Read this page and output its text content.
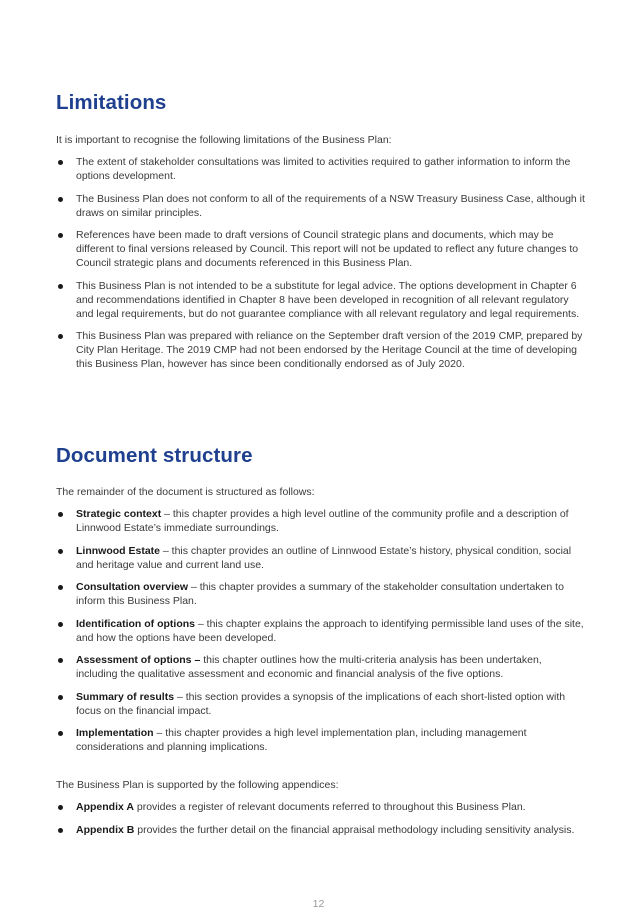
Limitations

It is important to recognise the following limitations of the Business Plan:

The extent of stakeholder consultations was limited to activities required to gather information to inform the options development.
The Business Plan does not conform to all of the requirements of a NSW Treasury Business Case, although it draws on similar principles.
References have been made to draft versions of Council strategic plans and documents, which may be different to final versions released by Council. This report will not be updated to reflect any future changes to Council strategic plans and documents referenced in this Business Plan.
This Business Plan is not intended to be a substitute for legal advice. The options development in Chapter 6 and recommendations identified in Chapter 8 have been developed in recognition of all relevant regulatory and legal requirements, but do not guarantee compliance with all relevant regulatory and legal requirements.
This Business Plan was prepared with reliance on the September draft version of the 2019 CMP, prepared by City Plan Heritage. The 2019 CMP had not been endorsed by the Heritage Council at the time of developing this Business Plan, however has since been conditionally endorsed as of July 2020.
Document structure

The remainder of the document is structured as follows:

Strategic context – this chapter provides a high level outline of the community profile and a description of Linnwood Estate’s immediate surroundings.
Linnwood Estate – this chapter provides an outline of Linnwood Estate’s history, physical condition, social and heritage value and current land use.
Consultation overview – this chapter provides a summary of the stakeholder consultation undertaken to inform this Business Plan.
Identification of options – this chapter explains the approach to identifying permissible land uses of the site, and how the options have been developed.
Assessment of options – this chapter outlines how the multi-criteria analysis has been undertaken, including the qualitative assessment and economic and financial analysis of the five options.
Summary of results – this section provides a synopsis of the implications of each short-listed option with focus on the financial impact.
Implementation – this chapter provides a high level implementation plan, including management considerations and planning implications.

The Business Plan is supported by the following appendices:

Appendix A provides a register of relevant documents referred to throughout this Business Plan.
Appendix B provides the further detail on the financial appraisal methodology including sensitivity analysis.
12
